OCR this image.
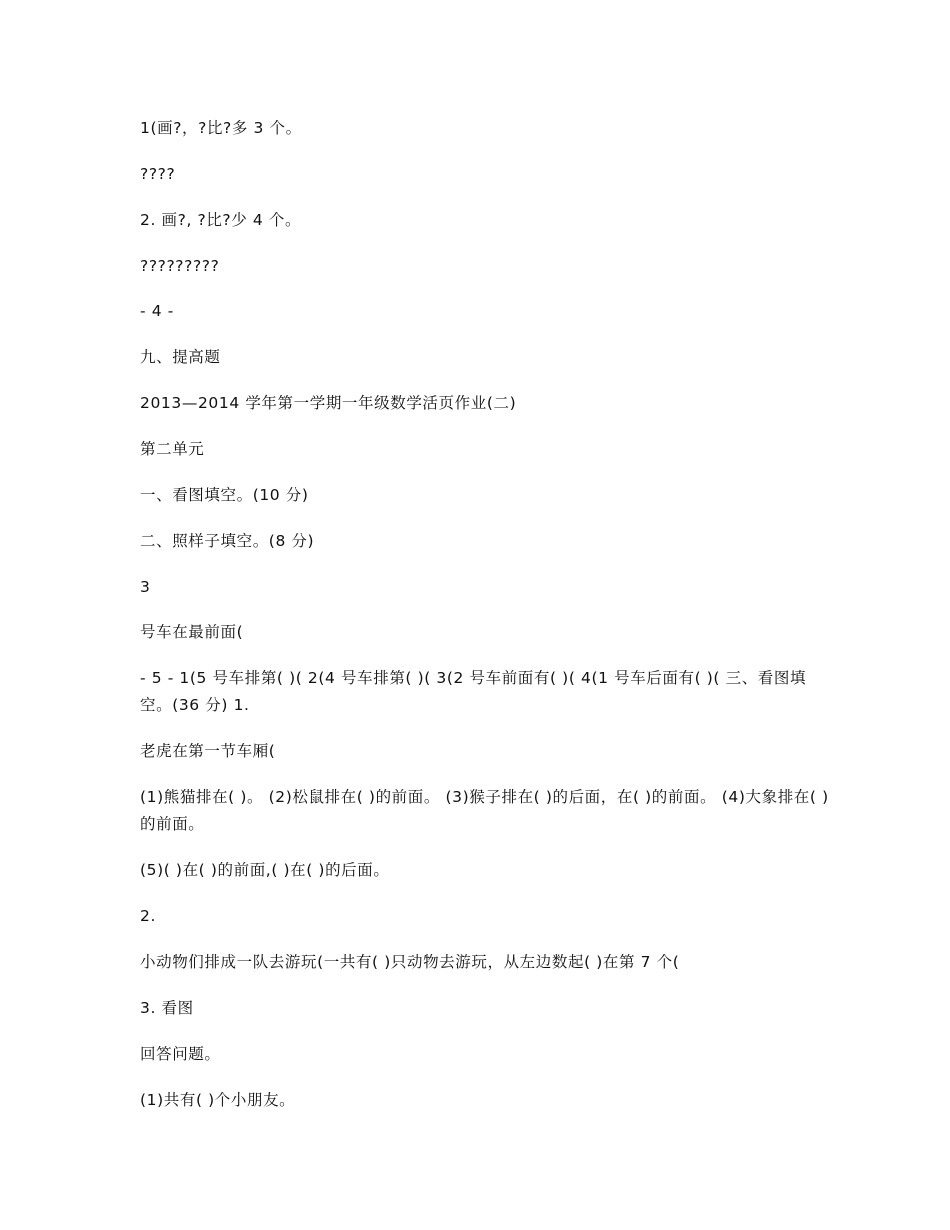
1(画?，?比?多 3 个。

????

2. 画?, ?比?少 4 个。

?????????

- 4 -

九、提高题

2013—2014 学年第一学期一年级数学活页作业(二)

第二单元

一、看图填空。(10 分)

二、照样子填空。(8 分)

3

号车在最前面(

- 5 - 1(5 号车排第( )( 2(4 号车排第( )( 3(2 号车前面有( )( 4(1 号车后面有( )( 三、看图填空。(36 分) 1.

老虎在第一节车厢(

(1)熊猫排在( )。 (2)松鼠排在( )的前面。 (3)猴子排在( )的后面，在( )的前面。 (4)大象排在( )的前面。

(5)( )在( )的前面,( )在( )的后面。

2.

小动物们排成一队去游玩(一共有( )只动物去游玩，从左边数起( )在第 7 个(

3. 看图

回答问题。

(1)共有( )个小朋友。
